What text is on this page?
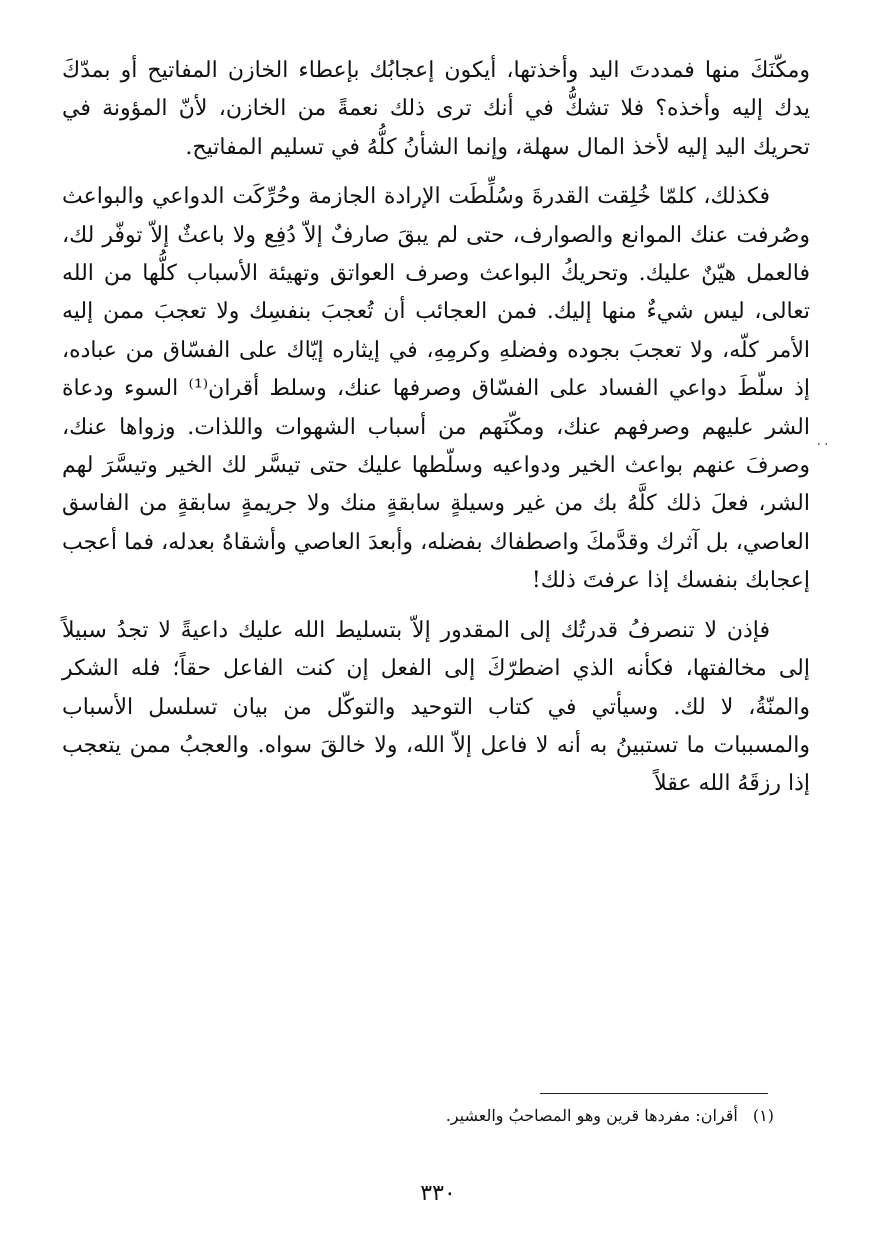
ومكّنَكَ منها فمددتَ اليد وأخذتها، أيكون إعجابُك بإعطاء الخازن المفاتيح أو بمدّكَ يدك إليه وأخذه؟ فلا تشكُّ في أنك ترى ذلك نعمةً من الخازن، لأنّ المؤونة في تحريك اليد إليه لأخذ المال سهلة، وإنما الشأنُ كلُّهُ في تسليم المفاتيح.

فكذلك، كلمّا خُلِقت القدرةَ وسُلِّطَت الإرادة الجازمة وحُرِّكَت الدواعي والبواعث وصُرفت عنك الموانع والصوارف، حتى لم يبقَ صارفٌ إلاّ دُفِع ولا باعثٌ إلاّ توفّر لك، فالعمل هيّنٌ عليك. وتحريكُ البواعث وصرف العواتق وتهيئة الأسباب كلُّها من الله تعالى، ليس شيءٌ منها إليك. فمن العجائب أن تُعجبَ بنفسِك ولا تعجبَ ممن إليه الأمر كلّه، ولا تعجبَ بجوده وفضلهِ وكرمِهِ، في إيثاره إيّاك على الفسّاق من عباده، إذ سلّطَ دواعي الفساد على الفسّاق وصرفها عنك، وسلط أقران⁽¹⁾ السوء ودعاة الشر عليهم وصرفهم عنك، ومكّنَهم من أسباب الشهوات واللذات. وزواها عنك، وصرفَ عنهم بواعث الخير ودواعيه وسلّطها عليك حتى تيسَّر لك الخير وتيسَّرَ لهم الشر، فعلَ ذلك كلَّهُ بك من غير وسيلةٍ سابقةٍ منك ولا جريمةٍ سابقةٍ من الفاسق العاصي، بل آثرك وقدَّمكَ واصطفاك بفضله، وأبعدَ العاصي وأشقاهُ بعدله، فما أعجب إعجابك بنفسك إذا عرفتَ ذلك!

فإذن لا تنصرفُ قدرتُك إلى المقدور إلاّ بتسليط الله عليك داعيةً لا تجدُ سبيلاً إلى مخالفتها، فكأنه الذي اضطرّكَ إلى الفعل إن كنت الفاعل حقاً؛ فله الشكر والمنّةُ، لا لك. وسيأتي في كتاب التوحيد والتوكّل من بيان تسلسل الأسباب والمسببات ما تستبينُ به أنه لا فاعل إلاّ الله، ولا خالقَ سواه. والعجبُ ممن يتعجب إذا رزقَهُ الله عقلاً

٠٠
(١) أقران: مفردها قرين وهو المصاحبُ والعشير.
٣٣٠
